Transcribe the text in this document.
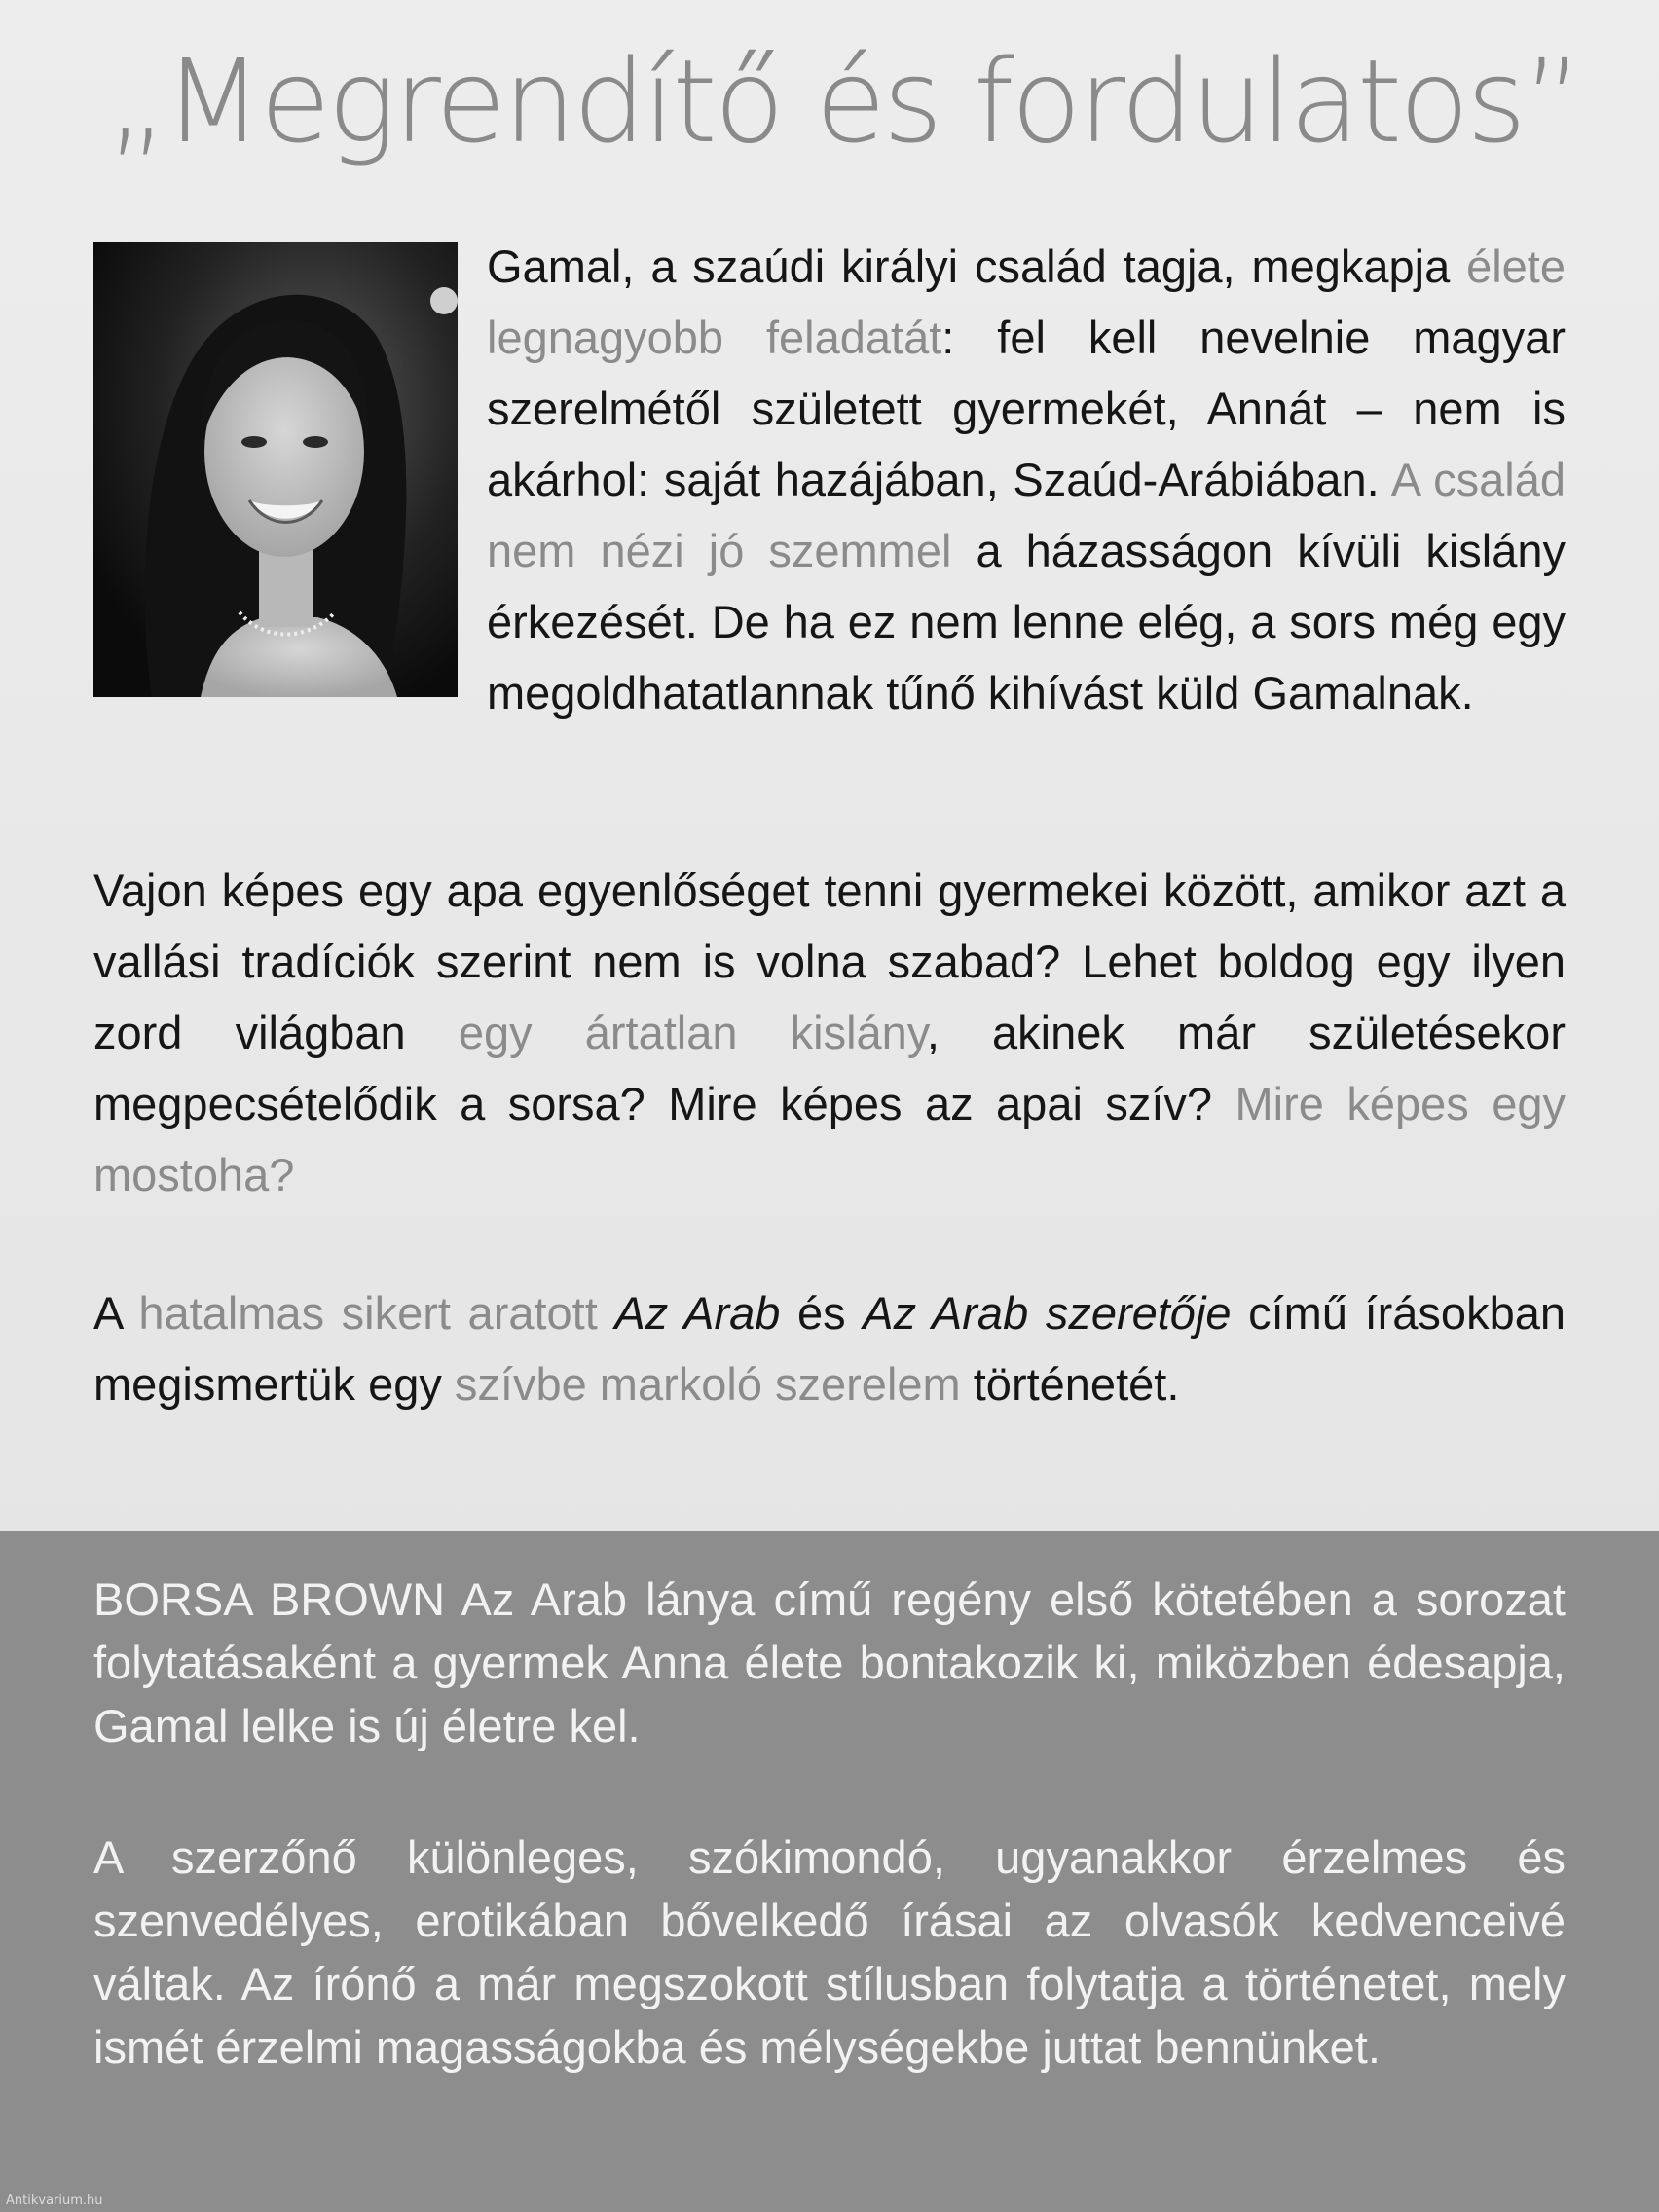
„Megrendítő és fordulatos”

Gamal, a szaúdi királyi család tagja, megkapja élete legnagyobb feladatát: fel kell nevelnie magyar szerelmétől született gyermekét, Annát – nem is akárhol: saját hazájában, Szaúd-Arábiában. A család nem nézi jó szemmel a házasságon kívüli kislány érkezését. De ha ez nem lenne elég, a sors még egy megoldhatatlannak tűnő kihívást küld Gamalnak.

Vajon képes egy apa egyenlőséget tenni gyermekei között, amikor azt a vallási tradíciók szerint nem is volna szabad? Lehet boldog egy ilyen zord világban egy ártatlan kislány, akinek már születésekor megpecsételődik a sorsa? Mire képes az apai szív? Mire képes egy mostoha?

A hatalmas sikert aratott Az Arab és Az Arab szeretője című írásokban megismertük egy szívbe markoló szerelem történetét.

BORSA BROWN Az Arab lánya című regény első kötetében a sorozat folytatásaként a gyermek Anna élete bontakozik ki, miközben édesapja, Gamal lelke is új életre kel.

A szerzőnő különleges, szókimondó, ugyanakkor érzelmes és szenvedélyes, erotikában bővelkedő írásai az olvasók kedvenceivé váltak. Az írónő a már megszokott stílusban folytatja a történetet, mely ismét érzelmi magasságokba és mélységekbe juttat bennünket.

Antikvarium.hu
